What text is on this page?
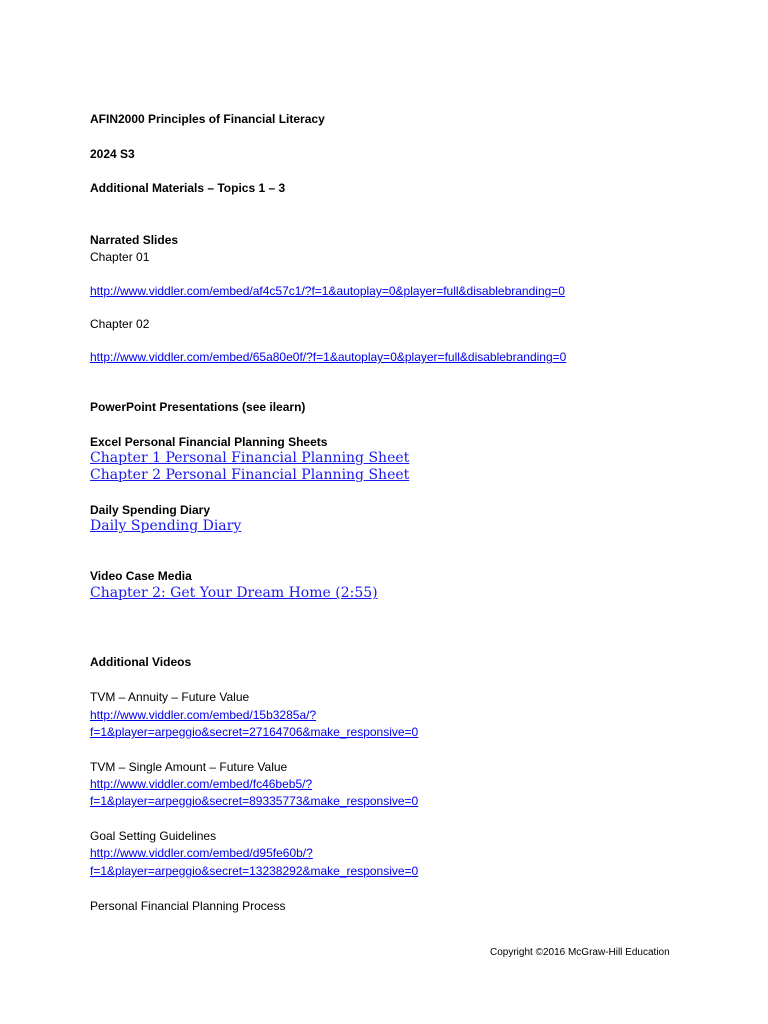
AFIN2000 Principles of Financial Literacy
2024 S3
Additional Materials – Topics 1 – 3
Narrated Slides
Chapter 01
http://www.viddler.com/embed/af4c57c1/?f=1&autoplay=0&player=full&disablebranding=0
Chapter 02
http://www.viddler.com/embed/65a80e0f/?f=1&autoplay=0&player=full&disablebranding=0
PowerPoint Presentations (see ilearn)
Excel Personal Financial Planning Sheets
Chapter 1 Personal Financial Planning Sheet
Chapter 2 Personal Financial Planning Sheet
Daily Spending Diary
Daily Spending Diary
Video Case Media
Chapter 2: Get Your Dream Home (2:55)
Additional Videos
TVM – Annuity – Future Value
http://www.viddler.com/embed/15b3285a/?
f=1&player=arpeggio&secret=27164706&make_responsive=0
TVM – Single Amount – Future Value
http://www.viddler.com/embed/fc46beb5/?
f=1&player=arpeggio&secret=89335773&make_responsive=0
Goal Setting Guidelines
http://www.viddler.com/embed/d95fe60b/?
f=1&player=arpeggio&secret=13238292&make_responsive=0
Personal Financial Planning Process
Copyright ©2016 McGraw-Hill Education
